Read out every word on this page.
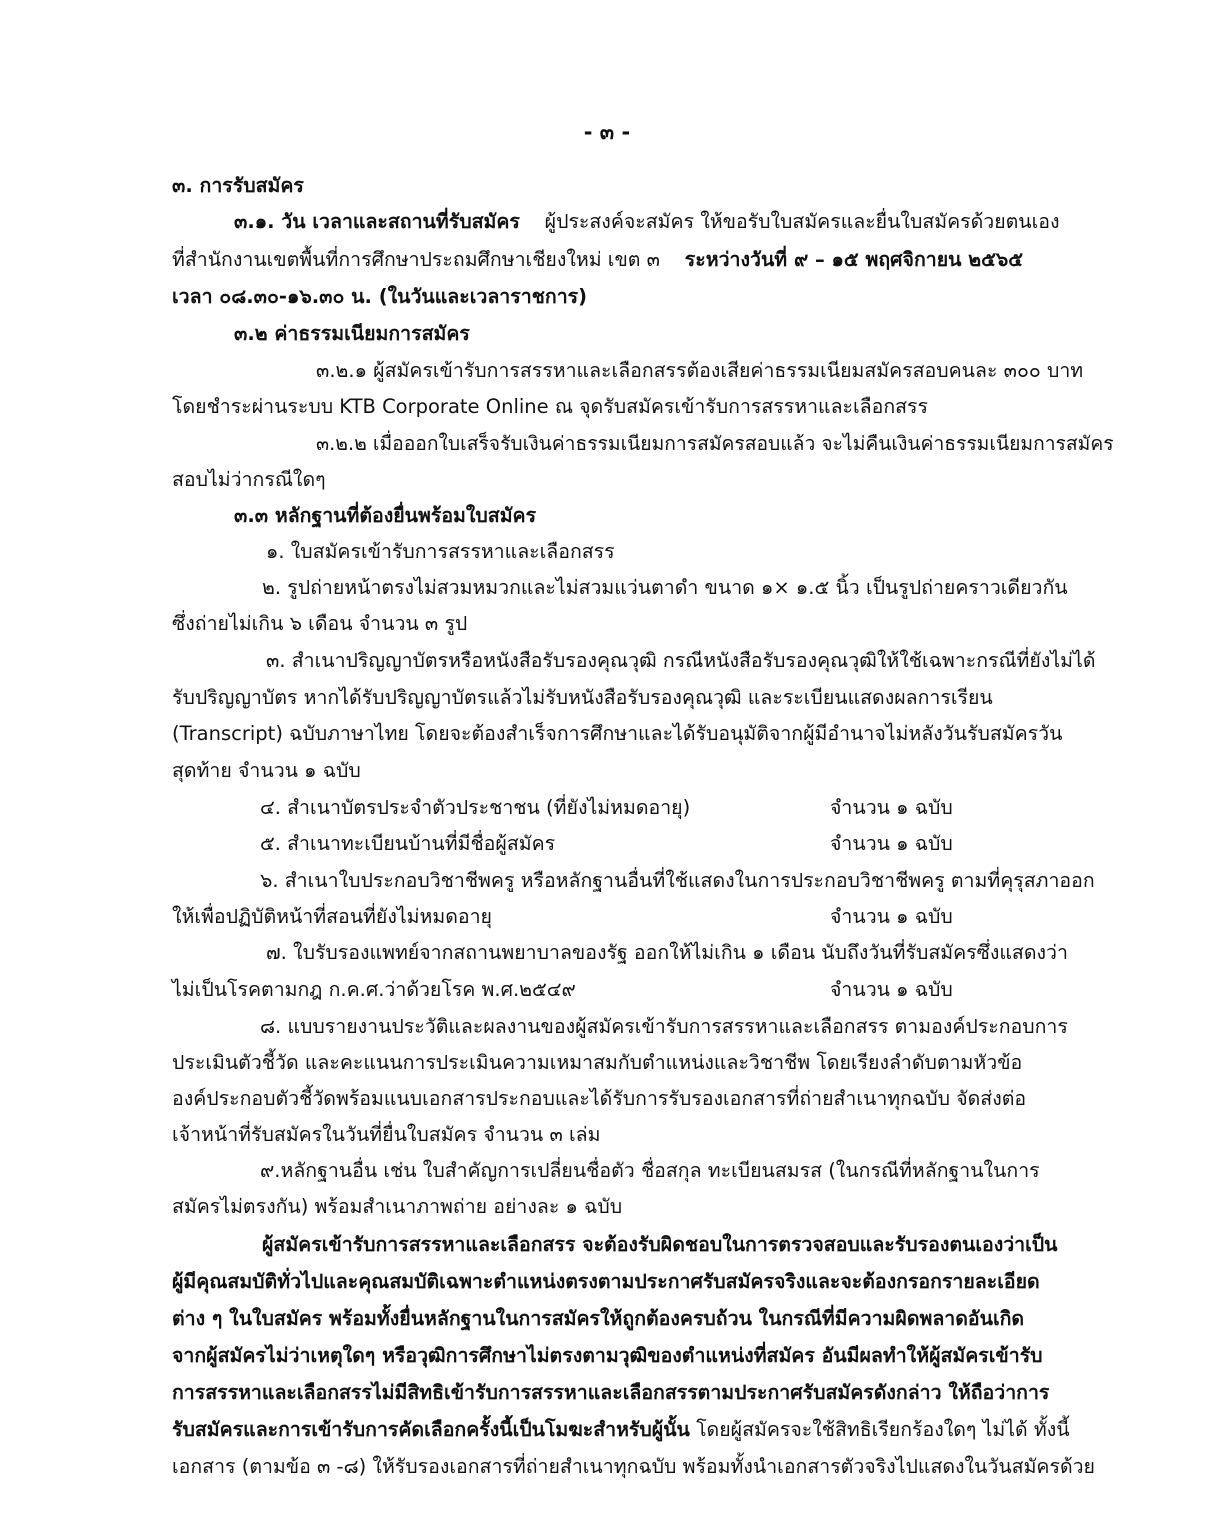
- ๓ -
๓. การรับสมัคร
๓.๑. วัน เวลาและสถานที่รับสมัคร ผู้ประสงค์จะสมัคร ให้ขอรับใบสมัครและยื่นใบสมัครด้วยตนเอง
ที่สำนักงานเขตพื้นที่การศึกษาประถมศึกษาเชียงใหม่ เขต ๓ ระหว่างวันที่ ๙ – ๑๕ พฤศจิกายน ๒๕๖๕
เวลา ๐๘.๓๐-๑๖.๓๐ น. (ในวันและเวลาราชการ)
๓.๒ ค่าธรรมเนียมการสมัคร
๓.๒.๑ ผู้สมัครเข้ารับการสรรหาและเลือกสรรต้องเสียค่าธรรมเนียมสมัครสอบคนละ ๓๐๐ บาท
โดยชำระผ่านระบบ KTB Corporate Online ณ จุดรับสมัครเข้ารับการสรรหาและเลือกสรร
๓.๒.๒ เมื่อออกใบเสร็จรับเงินค่าธรรมเนียมการสมัครสอบแล้ว จะไม่คืนเงินค่าธรรมเนียมการสมัคร
สอบไม่ว่ากรณีใดๆ
๓.๓ หลักฐานที่ต้องยื่นพร้อมใบสมัคร
๑. ใบสมัครเข้ารับการสรรหาและเลือกสรร
๒. รูปถ่ายหน้าตรงไม่สวมหมวกและไม่สวมแว่นตาดำ ขนาด ๑× ๑.๕ นิ้ว เป็นรูปถ่ายคราวเดียวกัน
ซึ่งถ่ายไม่เกิน ๖ เดือน จำนวน ๓ รูป
๓. สำเนาปริญญาบัตรหรือหนังสือรับรองคุณวุฒิ กรณีหนังสือรับรองคุณวุฒิให้ใช้เฉพาะกรณีที่ยังไม่ได้
รับปริญญาบัตร หากได้รับปริญญาบัตรแล้วไม่รับหนังสือรับรองคุณวุฒิ และระเบียนแสดงผลการเรียน
(Transcript) ฉบับภาษาไทย โดยจะต้องสำเร็จการศึกษาและได้รับอนุมัติจากผู้มีอำนาจไม่หลังวันรับสมัครวัน
สุดท้าย จำนวน ๑ ฉบับ
๔. สำเนาบัตรประจำตัวประชาชน (ที่ยังไม่หมดอายุ)	จำนวน ๑ ฉบับ
๕. สำเนาทะเบียนบ้านที่มีชื่อผู้สมัคร	จำนวน ๑ ฉบับ
๖. สำเนาใบประกอบวิชาชีพครู หรือหลักฐานอื่นที่ใช้แสดงในการประกอบวิชาชีพครู ตามที่คุรุสภาออก
ให้เพื่อปฏิบัติหน้าที่สอนที่ยังไม่หมดอายุ	จำนวน ๑ ฉบับ
๗. ใบรับรองแพทย์จากสถานพยาบาลของรัฐ ออกให้ไม่เกิน ๑ เดือน นับถึงวันที่รับสมัครซึ่งแสดงว่า
ไม่เป็นโรคตามกฎ ก.ค.ศ.ว่าด้วยโรค พ.ศ.๒๕๔๙	จำนวน ๑ ฉบับ
๘. แบบรายงานประวัติและผลงานของผู้สมัครเข้ารับการสรรหาและเลือกสรร ตามองค์ประกอบการ
ประเมินตัวชี้วัด และคะแนนการประเมินความเหมาสมกับตำแหน่งและวิชาชีพ โดยเรียงลำดับตามหัวข้อ
องค์ประกอบตัวชี้วัดพร้อมแนบเอกสารประกอบและได้รับการรับรองเอกสารที่ถ่ายสำเนาทุกฉบับ จัดส่งต่อ
เจ้าหน้าที่รับสมัครในวันที่ยื่นใบสมัคร จำนวน ๓ เล่ม
๙.หลักฐานอื่น เช่น ใบสำคัญการเปลี่ยนชื่อตัว ชื่อสกุล ทะเบียนสมรส (ในกรณีที่หลักฐานในการ
สมัครไม่ตรงกัน) พร้อมสำเนาภาพถ่าย อย่างละ ๑ ฉบับ
ผู้สมัครเข้ารับการสรรหาและเลือกสรร จะต้องรับผิดชอบในการตรวจสอบและรับรองตนเองว่าเป็น
ผู้มีคุณสมบัติทั่วไปและคุณสมบัติเฉพาะตำแหน่งตรงตามประกาศรับสมัครจริงและจะต้องกรอกรายละเอียด
ต่าง ๆ ในใบสมัคร พร้อมทั้งยื่นหลักฐานในการสมัครให้ถูกต้องครบถ้วน ในกรณีที่มีความผิดพลาดอันเกิด
จากผู้สมัครไม่ว่าเหตุใดๆ หรือวุฒิการศึกษาไม่ตรงตามวุฒิของตำแหน่งที่สมัคร อันมีผลทำให้ผู้สมัครเข้ารับ
การสรรหาและเลือกสรรไม่มีสิทธิเข้ารับการสรรหาและเลือกสรรตามประกาศรับสมัครดังกล่าว ให้ถือว่าการ
รับสมัครและการเข้ารับการคัดเลือกครั้งนี้เป็นโมฆะสำหรับผู้นั้น โดยผู้สมัครจะใช้สิทธิเรียกร้องใดๆ ไม่ได้ ทั้งนี้
เอกสาร (ตามข้อ ๓ -๘) ให้รับรองเอกสารที่ถ่ายสำเนาทุกฉบับ พร้อมทั้งนำเอกสารตัวจริงไปแสดงในวันสมัครด้วย
